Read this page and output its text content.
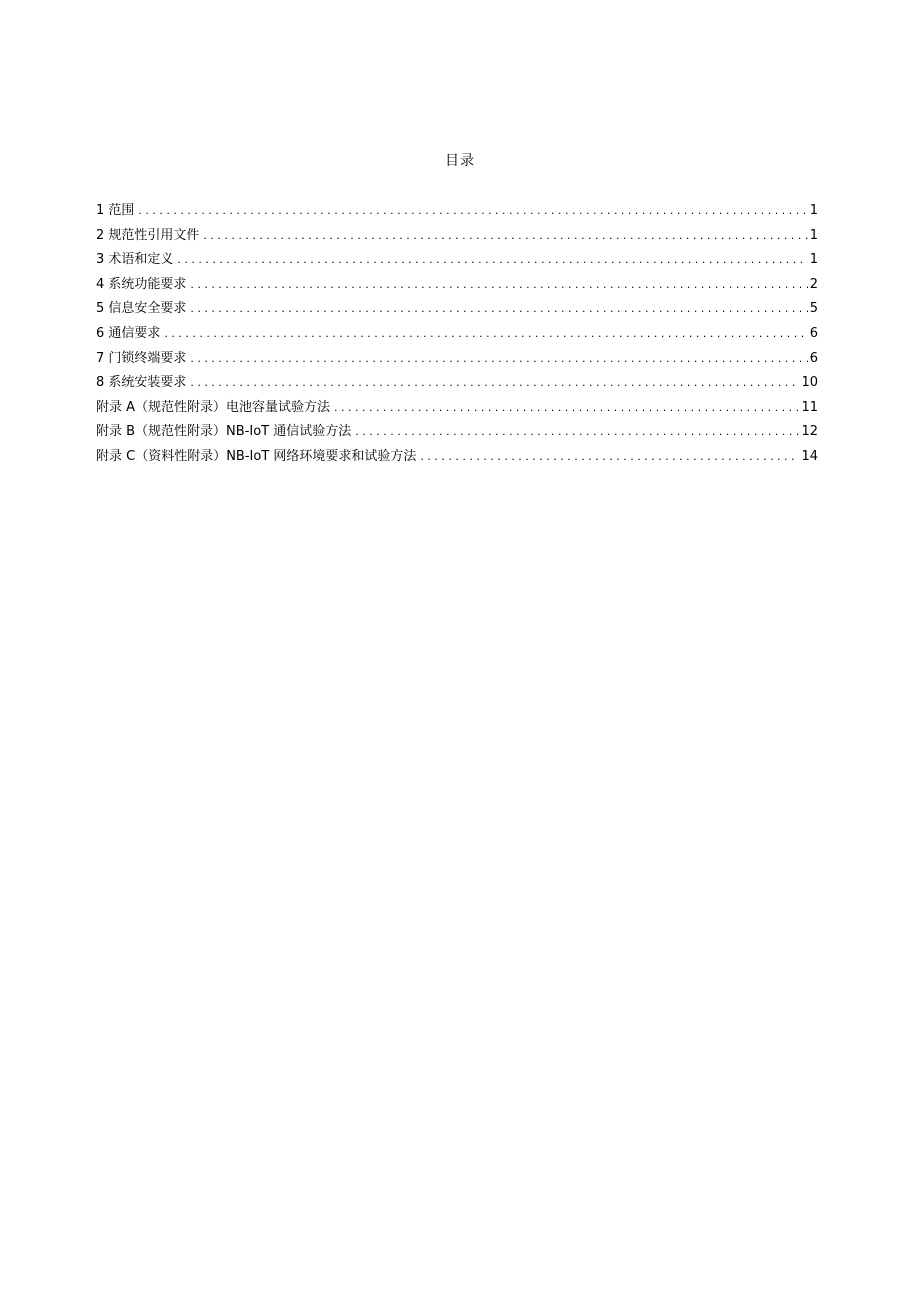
目录
1 范围 . . .	1
2 规范性引用文件 . . .	1
3 术语和定义 . . .	1
4 系统功能要求 . . .	2
5 信息安全要求 . . .	5
6 通信要求 . . .	6
7 门锁终端要求 . . .	6
8 系统安装要求 . . .	10
附录 A（规范性附录）电池容量试验方法 . . .	11
附录 B（规范性附录）NB-IoT 通信试验方法 . . .	12
附录 C（资料性附录）NB-IoT 网络环境要求和试验方法 . . .	14
